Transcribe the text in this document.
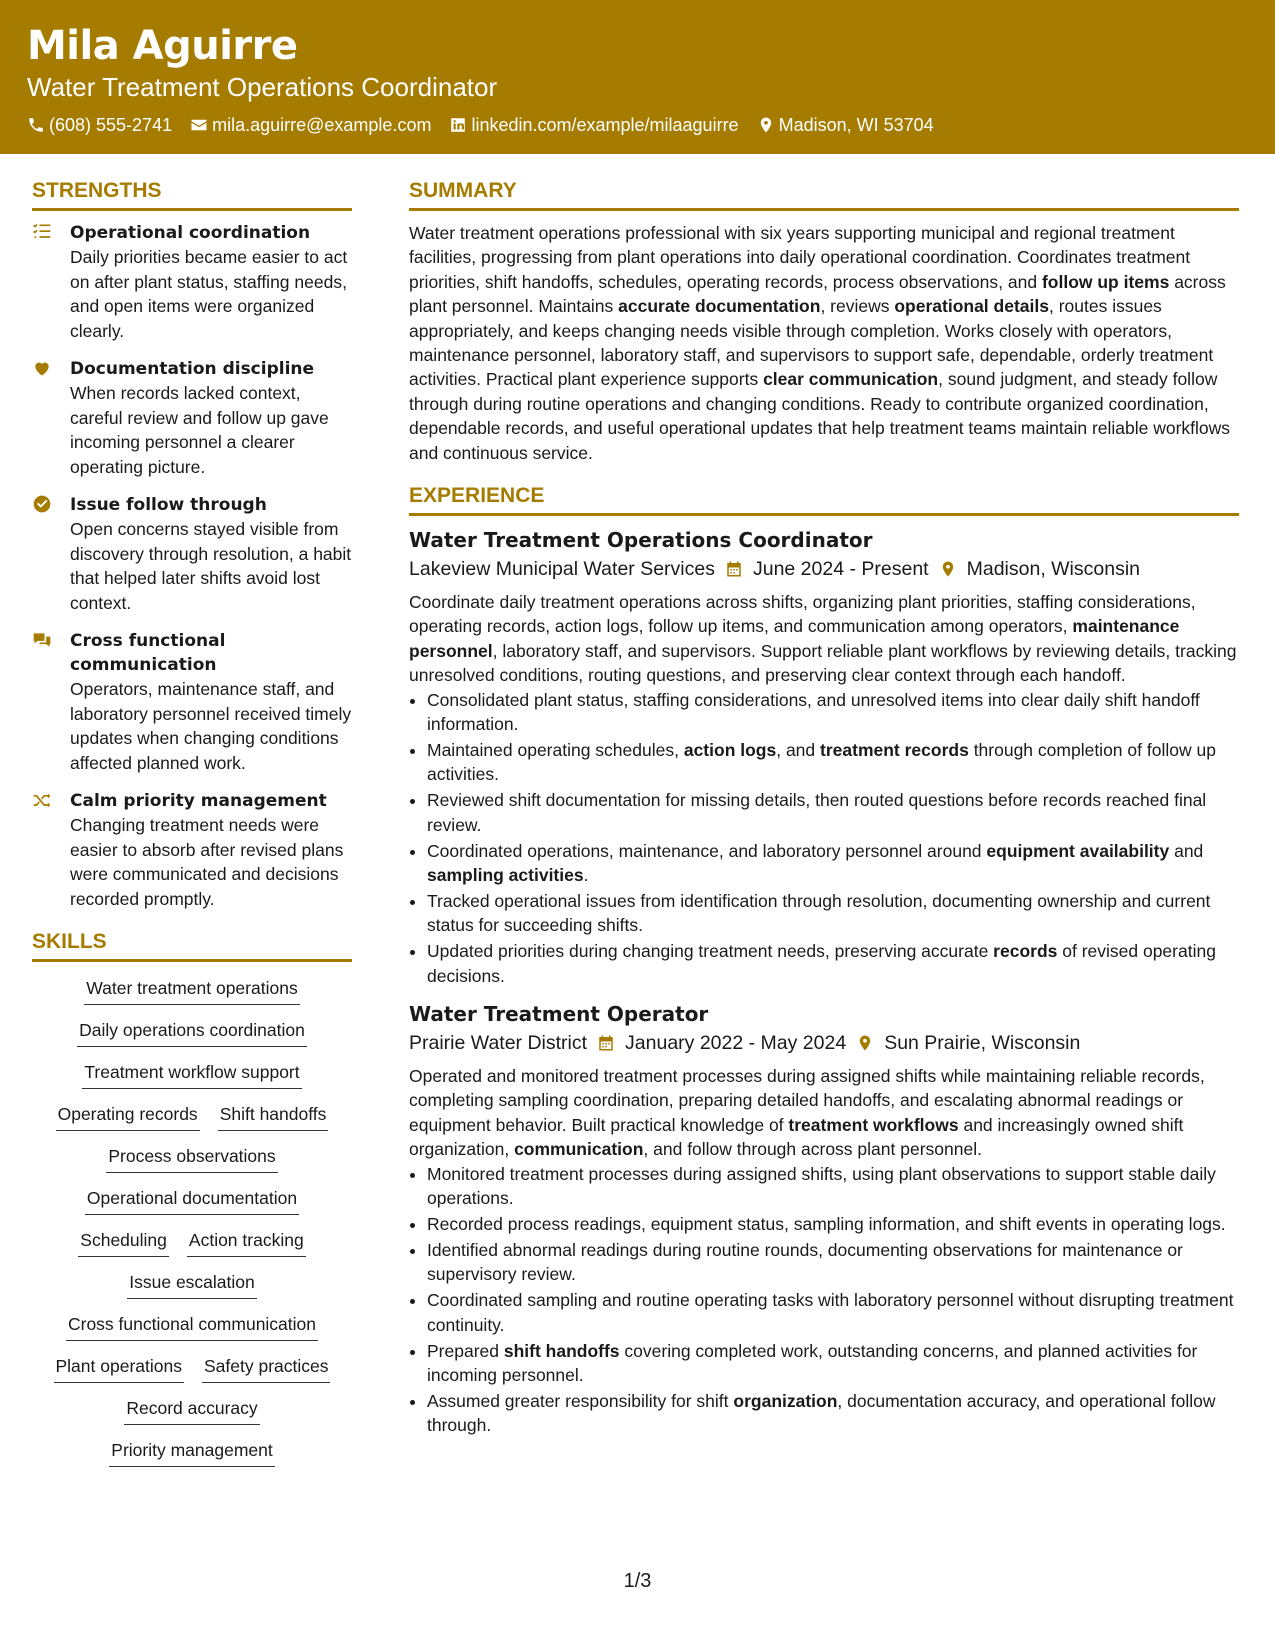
Mila Aguirre
Water Treatment Operations Coordinator
(608) 555-2741 mila.aguirre@example.com linkedin.com/example/milaaguirre Madison, WI 53704
STRENGTHS
Operational coordination
Daily priorities became easier to act on after plant status, staffing needs, and open items were organized clearly.
Documentation discipline
When records lacked context, careful review and follow up gave incoming personnel a clearer operating picture.
Issue follow through
Open concerns stayed visible from discovery through resolution, a habit that helped later shifts avoid lost context.
Cross functional communication
Operators, maintenance staff, and laboratory personnel received timely updates when changing conditions affected planned work.
Calm priority management
Changing treatment needs were easier to absorb after revised plans were communicated and decisions recorded promptly.
SKILLS
Water treatment operations
Daily operations coordination
Treatment workflow support
Operating records Shift handoffs
Process observations
Operational documentation
Scheduling Action tracking
Issue escalation
Cross functional communication
Plant operations Safety practices
Record accuracy
Priority management
SUMMARY
Water treatment operations professional with six years supporting municipal and regional treatment facilities, progressing from plant operations into daily operational coordination. Coordinates treatment priorities, shift handoffs, schedules, operating records, process observations, and follow up items across plant personnel. Maintains accurate documentation, reviews operational details, routes issues appropriately, and keeps changing needs visible through completion. Works closely with operators, maintenance personnel, laboratory staff, and supervisors to support safe, dependable, orderly treatment activities. Practical plant experience supports clear communication, sound judgment, and steady follow through during routine operations and changing conditions. Ready to contribute organized coordination, dependable records, and useful operational updates that help treatment teams maintain reliable workflows and continuous service.
EXPERIENCE
Water Treatment Operations Coordinator
Lakeview Municipal Water Services June 2024 - Present Madison, Wisconsin
Coordinate daily treatment operations across shifts, organizing plant priorities, staffing considerations, operating records, action logs, follow up items, and communication among operators, maintenance personnel, laboratory staff, and supervisors. Support reliable plant workflows by reviewing details, tracking unresolved conditions, routing questions, and preserving clear context through each handoff.
• Consolidated plant status, staffing considerations, and unresolved items into clear daily shift handoff information.
• Maintained operating schedules, action logs, and treatment records through completion of follow up activities.
• Reviewed shift documentation for missing details, then routed questions before records reached final review.
• Coordinated operations, maintenance, and laboratory personnel around equipment availability and sampling activities.
• Tracked operational issues from identification through resolution, documenting ownership and current status for succeeding shifts.
• Updated priorities during changing treatment needs, preserving accurate records of revised operating decisions.
Water Treatment Operator
Prairie Water District January 2022 - May 2024 Sun Prairie, Wisconsin
Operated and monitored treatment processes during assigned shifts while maintaining reliable records, completing sampling coordination, preparing detailed handoffs, and escalating abnormal readings or equipment behavior. Built practical knowledge of treatment workflows and increasingly owned shift organization, communication, and follow through across plant personnel.
• Monitored treatment processes during assigned shifts, using plant observations to support stable daily operations.
• Recorded process readings, equipment status, sampling information, and shift events in operating logs.
• Identified abnormal readings during routine rounds, documenting observations for maintenance or supervisory review.
• Coordinated sampling and routine operating tasks with laboratory personnel without disrupting treatment continuity.
• Prepared shift handoffs covering completed work, outstanding concerns, and planned activities for incoming personnel.
• Assumed greater responsibility for shift organization, documentation accuracy, and operational follow through.
1/3
